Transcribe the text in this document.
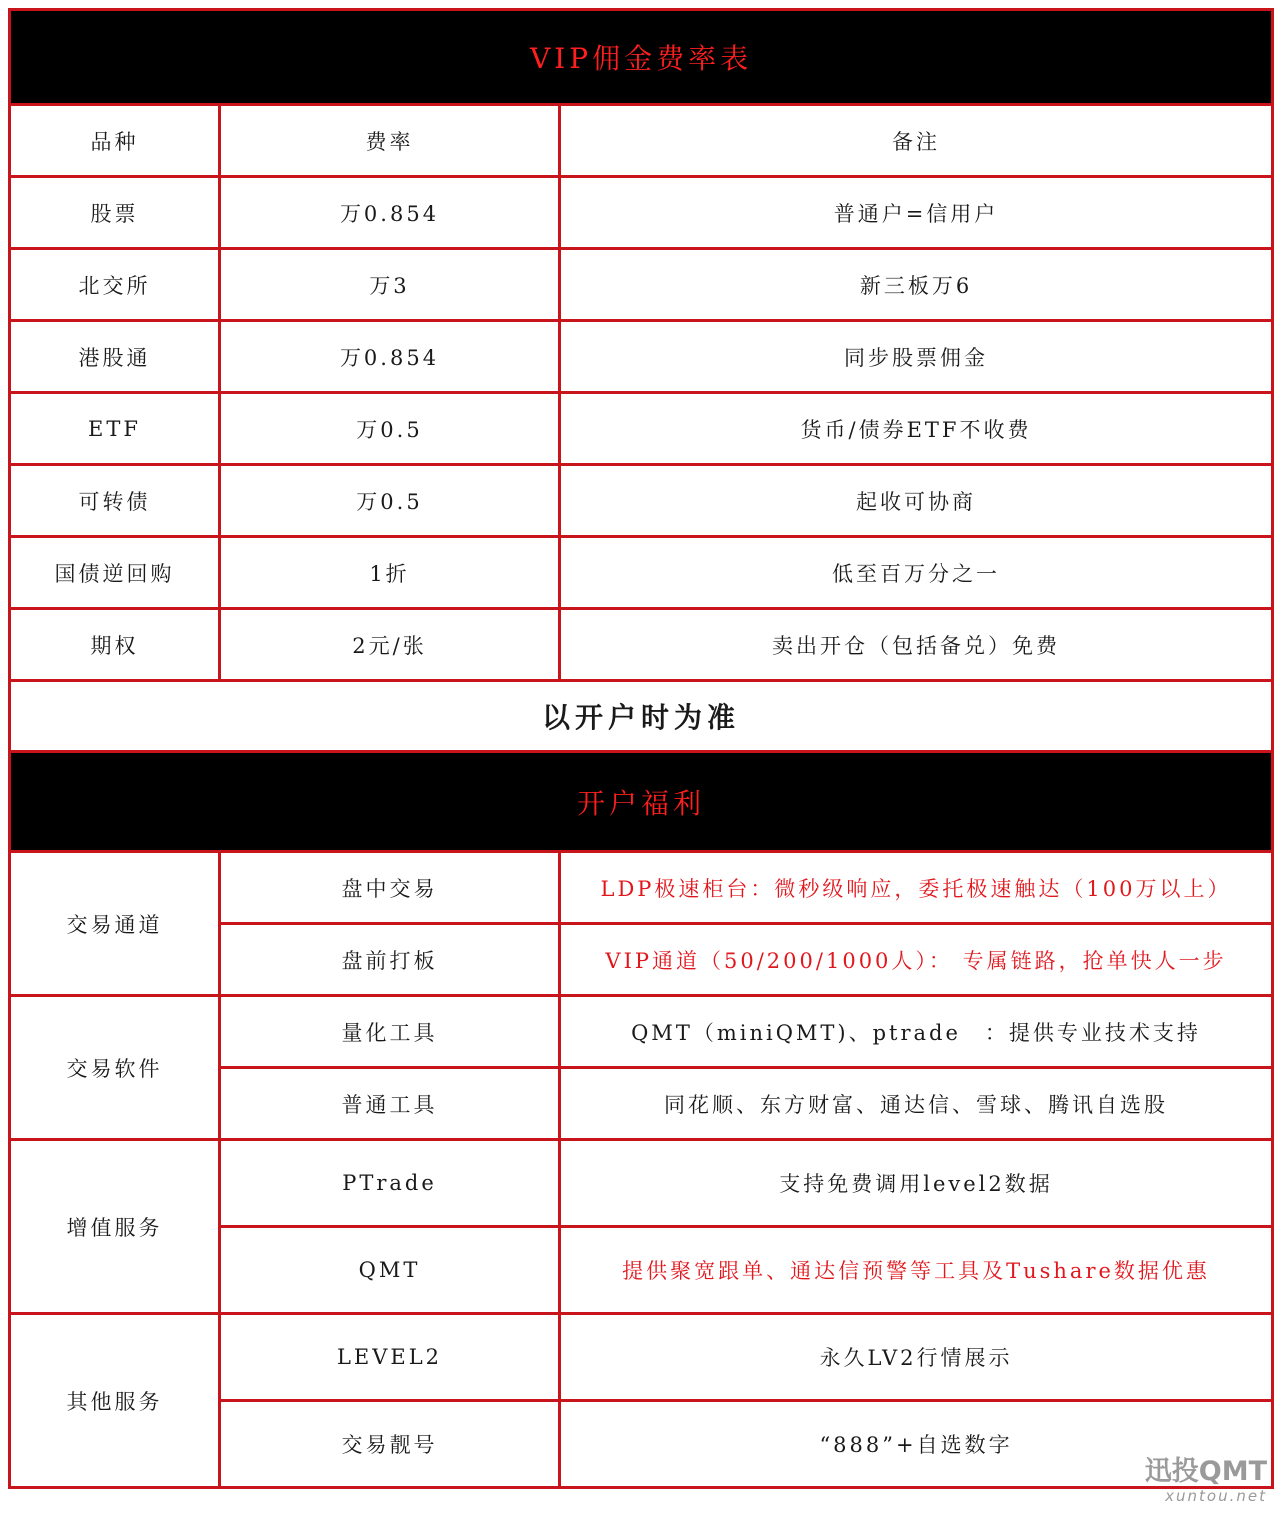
VIP佣金费率表		
品种	费率	备注
股票	万0.854	普通户=信用户
北交所	万3	新三板万6
港股通	万0.854	同步股票佣金
ETF	万0.5	货币/债券ETF不收费
可转债	万0.5	起收可协商
国债逆回购	1折	低至百万分之一
期权	2元/张	卖出开仓（包括备兑）免费
以开户时为准		
开户福利		
交易通道	盘中交易	LDP极速柜台：微秒级响应，委托极速触达（100万以上）
	盘前打板	VIP通道（50/200/1000人）： 专属链路，抢单快人一步
交易软件	量化工具	QMT（miniQMT)、ptrade　：提供专业技术支持
	普通工具	同花顺、东方财富、通达信、雪球、腾讯自选股
增值服务	PTrade	支持免费调用level2数据
	QMT	提供聚宽跟单、通达信预警等工具及Tushare数据优惠
其他服务	LEVEL2	永久LV2行情展示
	交易靓号	“888”+自选数字
迅投QMT
xuntou.net
